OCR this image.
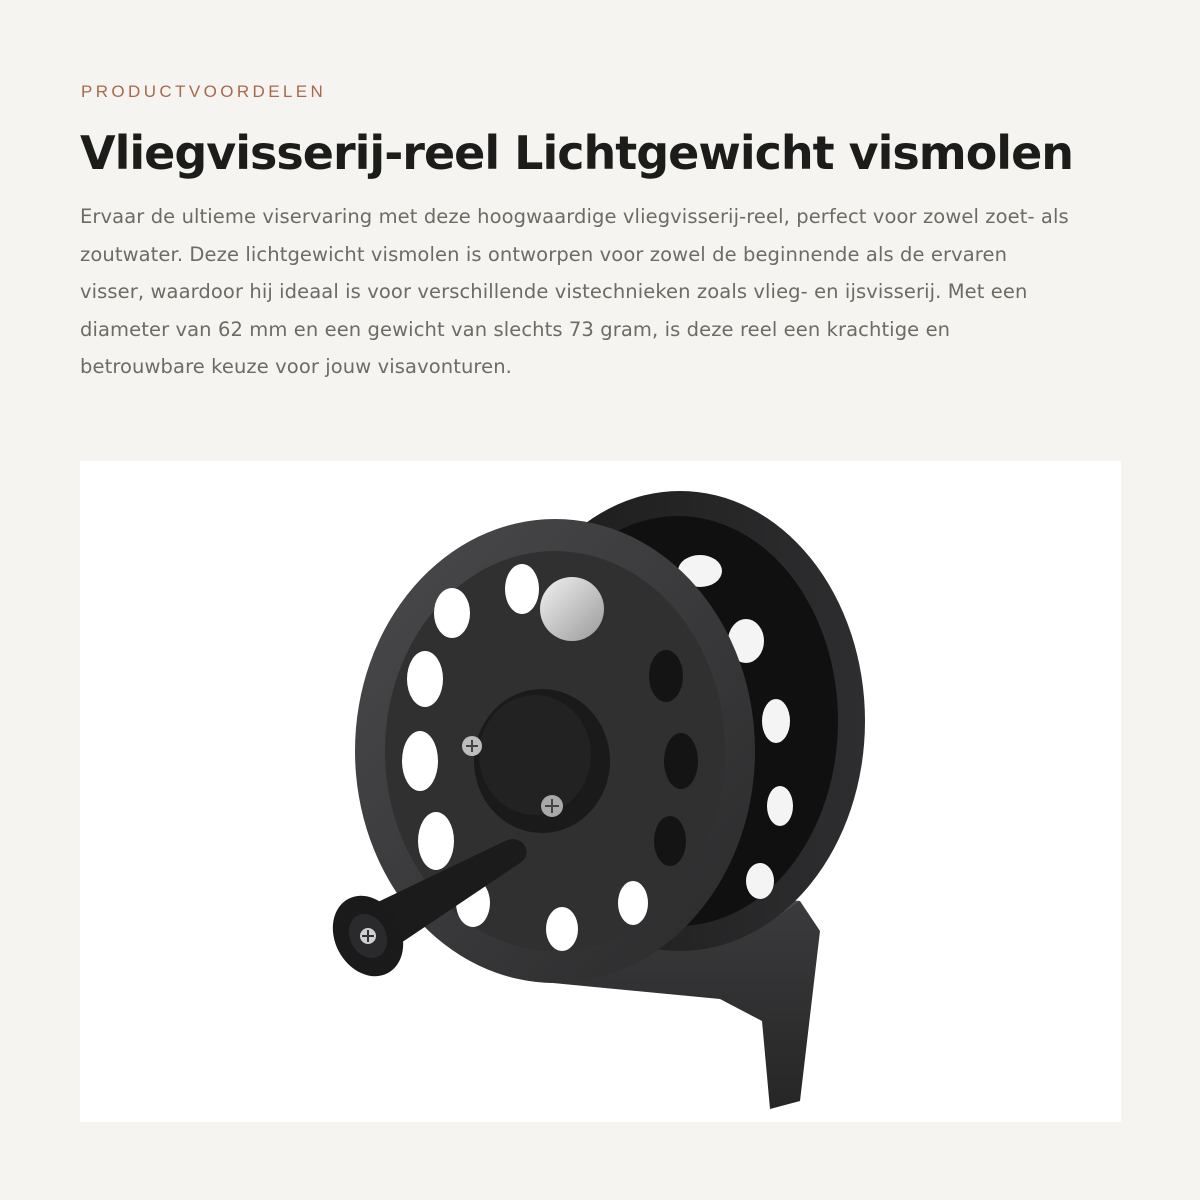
PRODUCTVOORDELEN

Vliegvisserij-reel Lichtgewicht vismolen

Ervaar de ultieme viservaring met deze hoogwaardige vliegvisserij-reel, perfect voor zowel zoet- als zoutwater. Deze lichtgewicht vismolen is ontworpen voor zowel de beginnende als de ervaren visser, waardoor hij ideaal is voor verschillende vistechnieken zoals vlieg- en ijsvisserij. Met een diameter van 62 mm en een gewicht van slechts 73 gram, is deze reel een krachtige en betrouwbare keuze voor jouw visavonturen.
